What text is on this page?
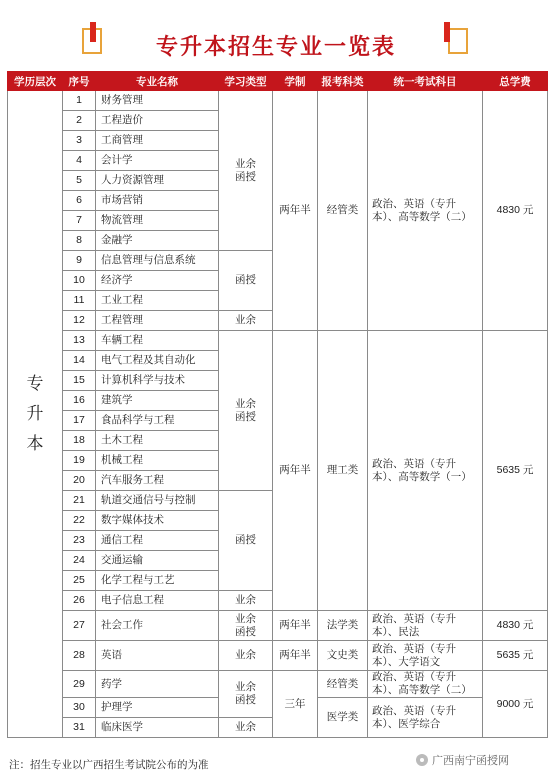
专升本招生专业一览表
学历层次	序号	专业名称	学习类型	学制	报考科类	统一考试科目	总学费
专升本	1	财务管理	业余函授	两年半	经管类	政治、英语（专升本）、高等数学（二）	4830 元
	2	工程造价					
	3	工商管理					
	4	会计学					
	5	人力资源管理					
	6	市场营销					
	7	物流管理					
	8	金融学					
	9	信息管理与信息系统	函授				
	10	经济学					
	11	工业工程					
	12	工程管理	业余				
	13	车辆工程	业余函授	两年半	理工类	政治、英语（专升本）、高等数学（一）	5635 元
	14	电气工程及其自动化					
	15	计算机科学与技术					
	16	建筑学					
	17	食品科学与工程					
	18	土木工程					
	19	机械工程					
	20	汽车服务工程					
	21	轨道交通信号与控制	函授				
	22	数字媒体技术					
	23	通信工程					
	24	交通运输					
	25	化学工程与工艺					
	26	电子信息工程	业余				
	27	社会工作	业余函授	两年半	法学类	政治、英语（专升本）、民法	4830 元
	28	英语	业余	两年半	文史类	政治、英语（专升本）、大学语文	5635 元
	29	药学	业余函授	三年	经管类	政治、英语（专升本）、高等数学（二）	9000 元
	30	护理学			医学类	政治、英语（专升本）、医学综合	
	31	临床医学	业余				
注：招生专业以广西招生考试院公布的为准	广西南宁函授网
